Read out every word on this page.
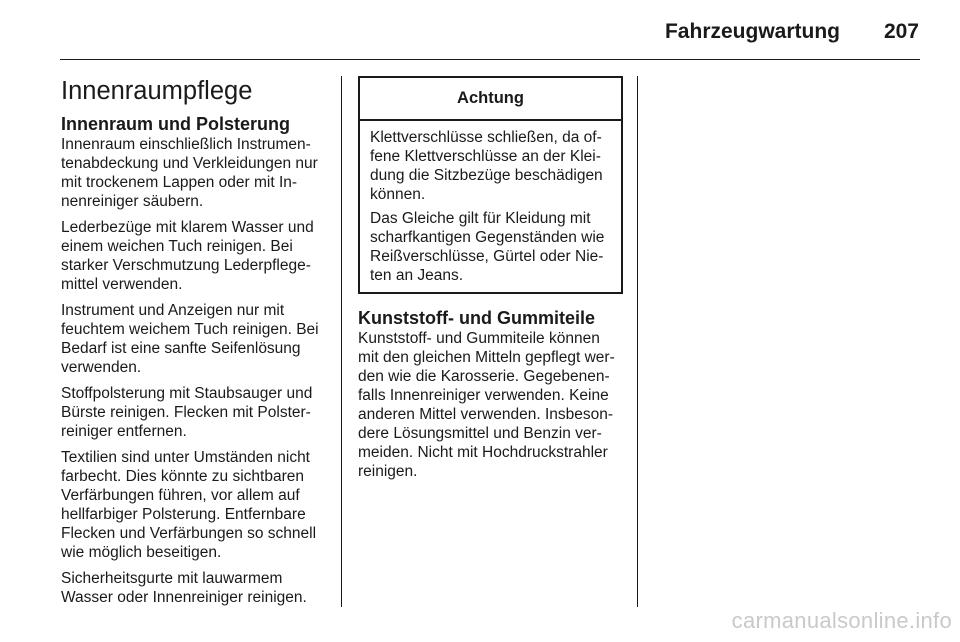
Fahrzeugwartung 207
Innenraumpflege
Innenraum und Polsterung

Innenraum einschließlich Instrumen-
tenabdeckung und Verkleidungen nur
mit trockenem Lappen oder mit In-
nenreiniger säubern.

Lederbezüge mit klarem Wasser und
einem weichen Tuch reinigen. Bei
starker Verschmutzung Lederpflege-
mittel verwenden.

Instrument und Anzeigen nur mit
feuchtem weichem Tuch reinigen. Bei
Bedarf ist eine sanfte Seifenlösung
verwenden.

Stoffpolsterung mit Staubsauger und
Bürste reinigen. Flecken mit Polster-
reiniger entfernen.

Textilien sind unter Umständen nicht
farbecht. Dies könnte zu sichtbaren
Verfärbungen führen, vor allem auf
hellfarbiger Polsterung. Entfernbare
Flecken und Verfärbungen so schnell
wie möglich beseitigen.

Sicherheitsgurte mit lauwarmem
Wasser oder Innenreiniger reinigen.

Achtung

Klettverschlüsse schließen, da of-
fene Klettverschlüsse an der Klei-
dung die Sitzbezüge beschädigen
können.

Das Gleiche gilt für Kleidung mit
scharfkantigen Gegenständen wie
Reißverschlüsse, Gürtel oder Nie-
ten an Jeans.

Kunststoff- und Gummiteile

Kunststoff- und Gummiteile können
mit den gleichen Mitteln gepflegt wer-
den wie die Karosserie. Gegebenen-
falls Innenreiniger verwenden. Keine
anderen Mittel verwenden. Insbeson-
dere Lösungsmittel und Benzin ver-
meiden. Nicht mit Hochdruckstrahler
reinigen.

carmanualsonline.info
